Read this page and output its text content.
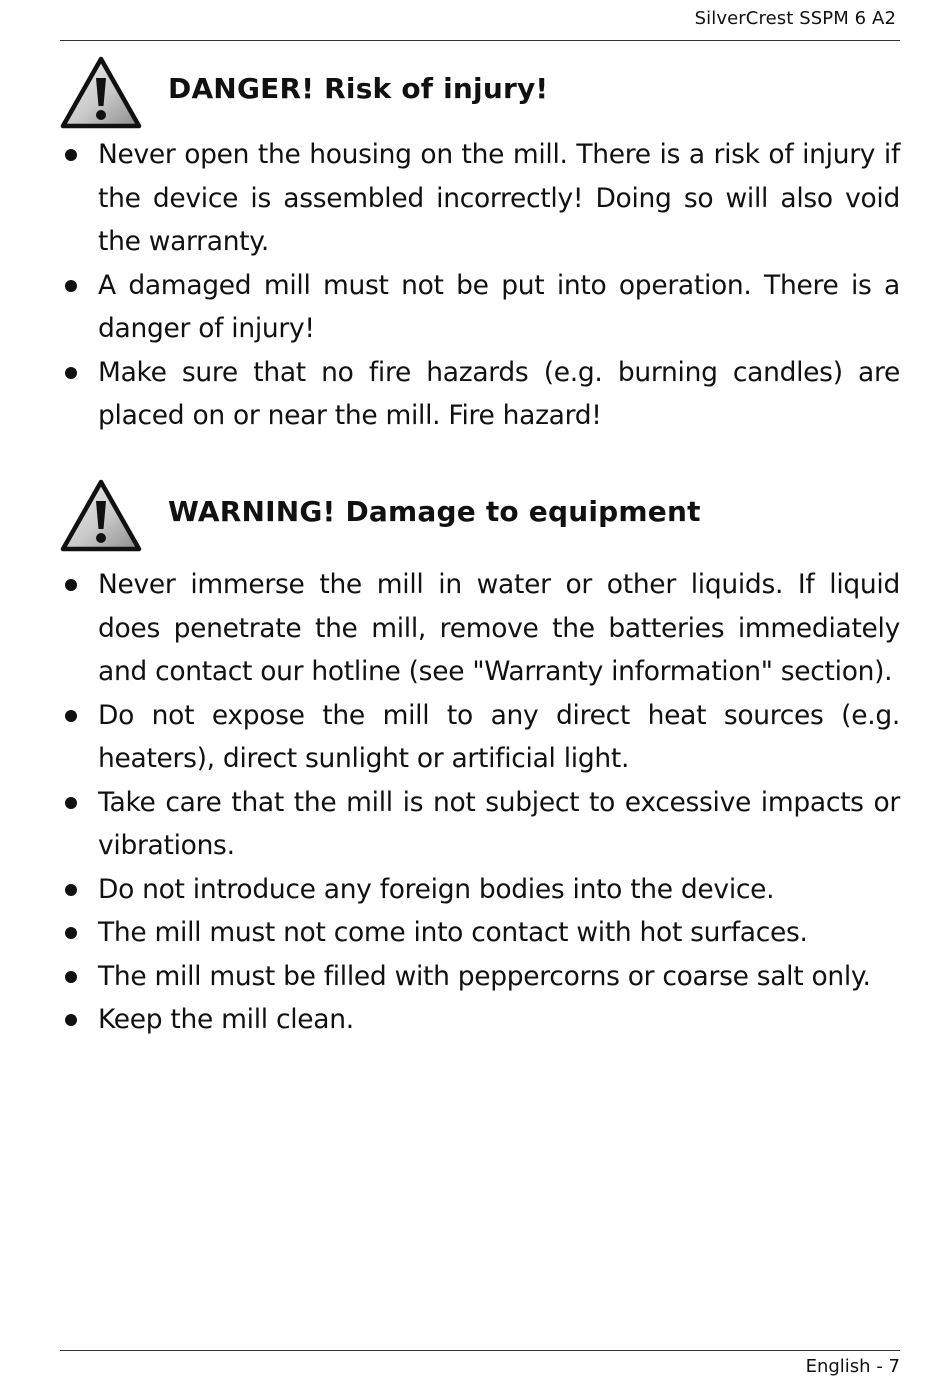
SilverCrest SSPM 6 A2
DANGER! Risk of injury!
Never open the housing on the mill. There is a risk of injury if the device is assembled incorrectly! Doing so will also void the warranty.
A damaged mill must not be put into operation. There is a danger of injury!
Make sure that no fire hazards (e.g. burning candles) are placed on or near the mill. Fire hazard!
WARNING! Damage to equipment
Never immerse the mill in water or other liquids. If liquid does penetrate the mill, remove the batteries immediately and contact our hotline (see "Warranty information" section).
Do not expose the mill to any direct heat sources (e.g. heaters), direct sunlight or artificial light.
Take care that the mill is not subject to excessive impacts or vibrations.
Do not introduce any foreign bodies into the device.
The mill must not come into contact with hot surfaces.
The mill must be filled with peppercorns or coarse salt only.
Keep the mill clean.
English - 7
